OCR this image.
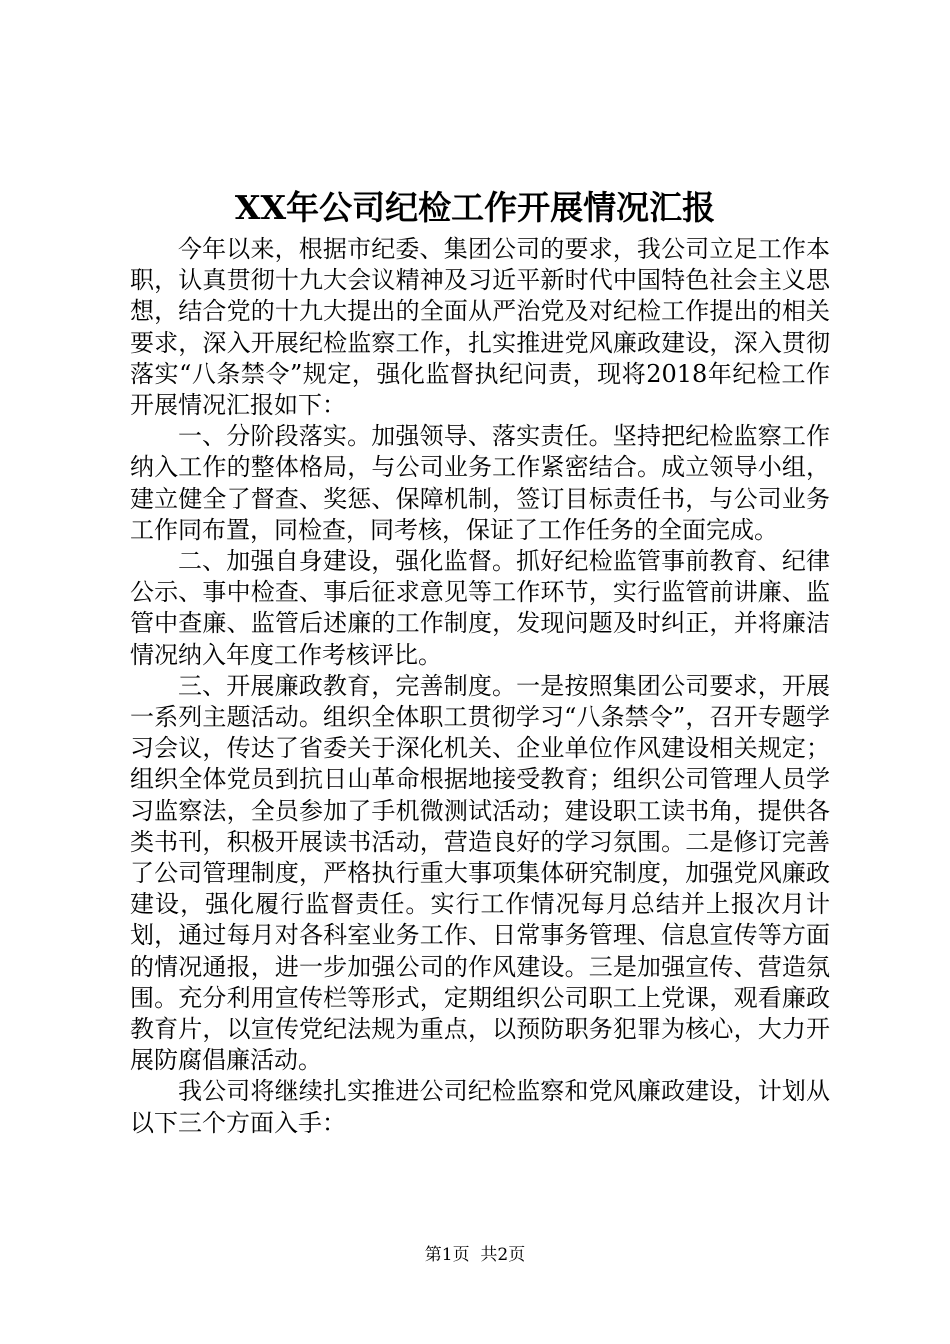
XX年公司纪检工作开展情况汇报

今年以来，根据市纪委、集团公司的要求，我公司立足工作本职，认真贯彻十九大会议精神及习近平新时代中国特色社会主义思想，结合党的十九大提出的全面从严治党及对纪检工作提出的相关要求，深入开展纪检监察工作，扎实推进党风廉政建设，深入贯彻落实“八条禁令”规定，强化监督执纪问责，现将2018年纪检工作开展情况汇报如下：

一、分阶段落实。加强领导、落实责任。坚持把纪检监察工作纳入工作的整体格局，与公司业务工作紧密结合。成立领导小组，建立健全了督查、奖惩、保障机制，签订目标责任书，与公司业务工作同布置，同检查，同考核，保证了工作任务的全面完成。

二、加强自身建设，强化监督。抓好纪检监管事前教育、纪律公示、事中检查、事后征求意见等工作环节，实行监管前讲廉、监管中查廉、监管后述廉的工作制度，发现问题及时纠正，并将廉洁情况纳入年度工作考核评比。

三、开展廉政教育，完善制度。一是按照集团公司要求，开展一系列主题活动。组织全体职工贯彻学习“八条禁令”，召开专题学习会议，传达了省委关于深化机关、企业单位作风建设相关规定；组织全体党员到抗日山革命根据地接受教育；组织公司管理人员学习监察法，全员参加了手机微测试活动；建设职工读书角，提供各类书刊，积极开展读书活动，营造良好的学习氛围。二是修订完善了公司管理制度，严格执行重大事项集体研究制度，加强党风廉政建设，强化履行监督责任。实行工作情况每月总结并上报次月计划，通过每月对各科室业务工作、日常事务管理、信息宣传等方面的情况通报，进一步加强公司的作风建设。三是加强宣传、营造氛围。充分利用宣传栏等形式，定期组织公司职工上党课，观看廉政教育片，以宣传党纪法规为重点，以预防职务犯罪为核心，大力开展防腐倡廉活动。

我公司将继续扎实推进公司纪检监察和党风廉政建设，计划从以下三个方面入手：

第1页 共2页
